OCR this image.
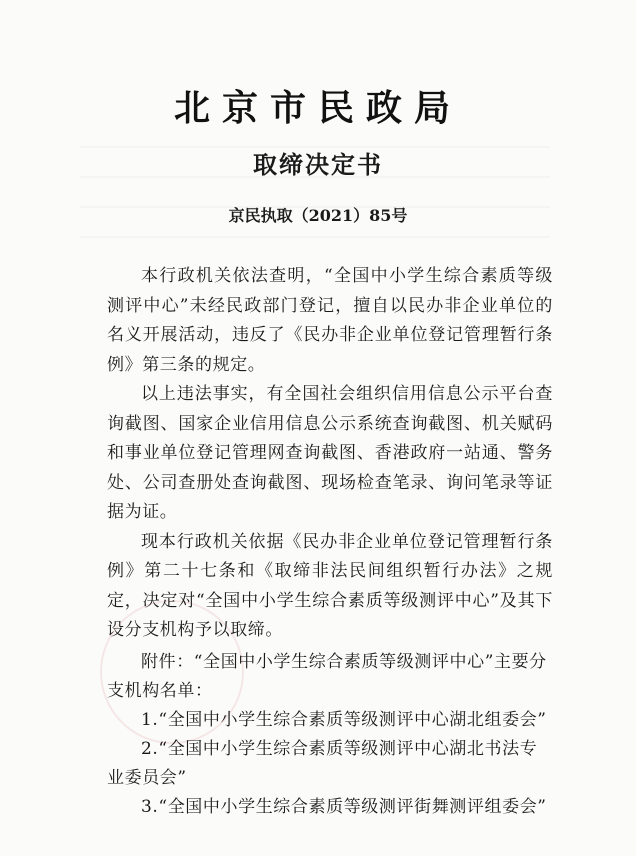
北京市民政局
取缔决定书
京民执取（2021）85号

本行政机关依法查明，“全国中小学生综合素质等级测评中心”未经民政部门登记，擅自以民办非企业单位的名义开展活动，违反了《民办非企业单位登记管理暂行条例》第三条的规定。

以上违法事实，有全国社会组织信用信息公示平台查询截图、国家企业信用信息公示系统查询截图、机关赋码和事业单位登记管理网查询截图、香港政府一站通、警务处、公司查册处查询截图、现场检查笔录、询问笔录等证据为证。

现本行政机关依据《民办非企业单位登记管理暂行条例》第二十七条和《取缔非法民间组织暂行办法》之规定，决定对“全国中小学生综合素质等级测评中心”及其下设分支机构予以取缔。

附件：“全国中小学生综合素质等级测评中心”主要分支机构名单：

1.“全国中小学生综合素质等级测评中心湖北组委会”

2.“全国中小学生综合素质等级测评中心湖北书法专业委员会”

3.“全国中小学生综合素质等级测评街舞测评组委会”
